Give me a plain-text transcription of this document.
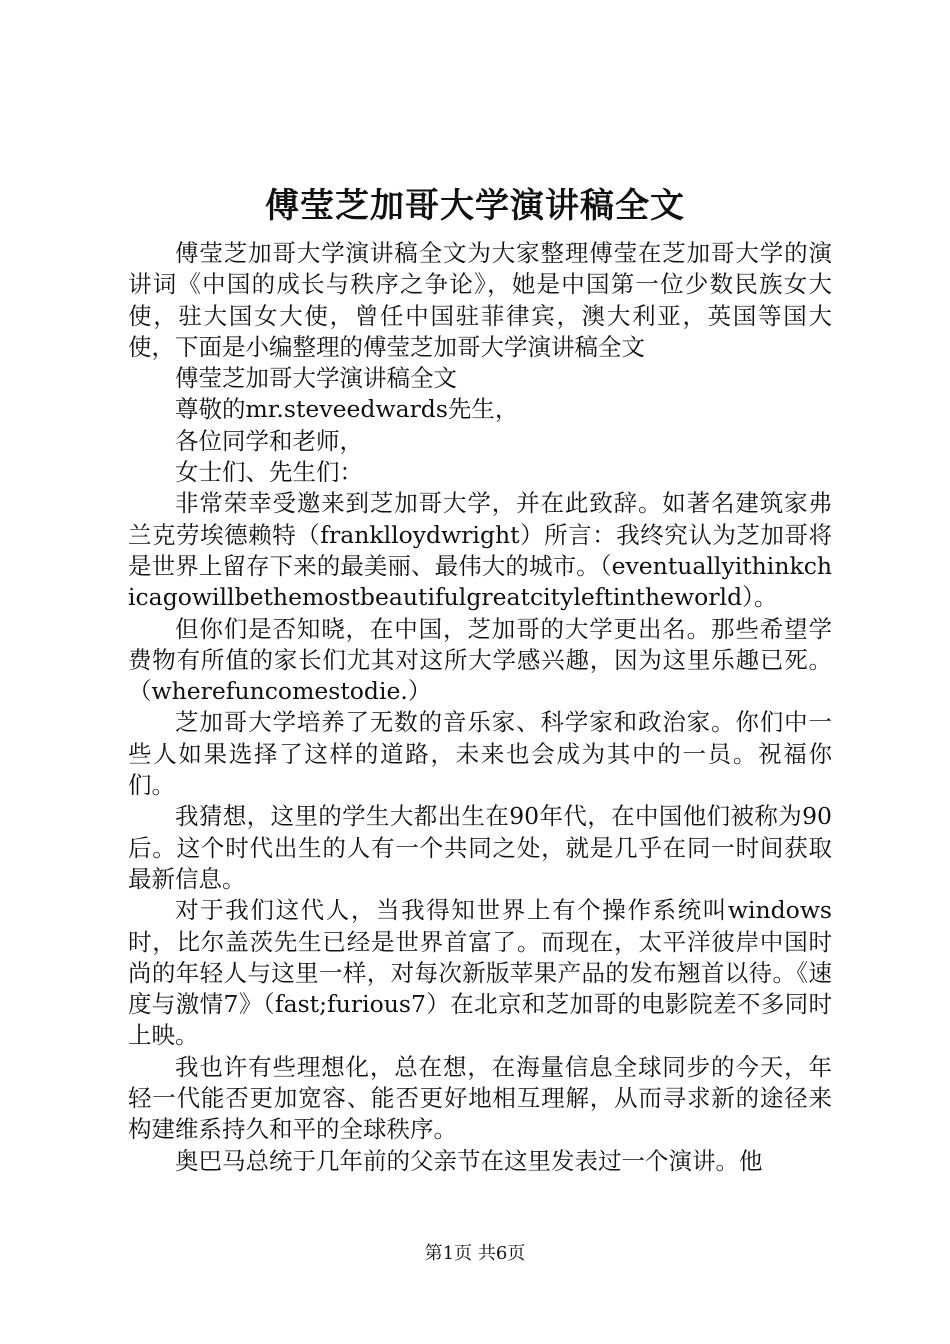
傅莹芝加哥大学演讲稿全文

傅莹芝加哥大学演讲稿全文为大家整理傅莹在芝加哥大学的演讲词《中国的成长与秩序之争论》，她是中国第一位少数民族女大使，驻大国女大使，曾任中国驻菲律宾，澳大利亚，英国等国大使，下面是小编整理的傅莹芝加哥大学演讲稿全文

傅莹芝加哥大学演讲稿全文

尊敬的mr.steveedwards先生，

各位同学和老师，

女士们、先生们：

非常荣幸受邀来到芝加哥大学，并在此致辞。如著名建筑家弗兰克劳埃德赖特（franklloydwright）所言：我终究认为芝加哥将是世界上留存下来的最美丽、最伟大的城市。（eventuallyithinkchicagowillbethemostbeautifulgreatcityleftintheworld）。

但你们是否知晓，在中国，芝加哥的大学更出名。那些希望学费物有所值的家长们尤其对这所大学感兴趣，因为这里乐趣已死。（wherefuncomestodie.）

芝加哥大学培养了无数的音乐家、科学家和政治家。你们中一些人如果选择了这样的道路，未来也会成为其中的一员。祝福你们。

我猜想，这里的学生大都出生在90年代，在中国他们被称为90后。这个时代出生的人有一个共同之处，就是几乎在同一时间获取最新信息。

对于我们这代人，当我得知世界上有个操作系统叫windows时，比尔盖茨先生已经是世界首富了。而现在，太平洋彼岸中国时尚的年轻人与这里一样，对每次新版苹果产品的发布翘首以待。《速度与激情7》（fast;furious7）在北京和芝加哥的电影院差不多同时上映。

我也许有些理想化，总在想，在海量信息全球同步的今天，年轻一代能否更加宽容、能否更好地相互理解，从而寻求新的途径来构建维系持久和平的全球秩序。

奥巴马总统于几年前的父亲节在这里发表过一个演讲。他

第1页 共6页
